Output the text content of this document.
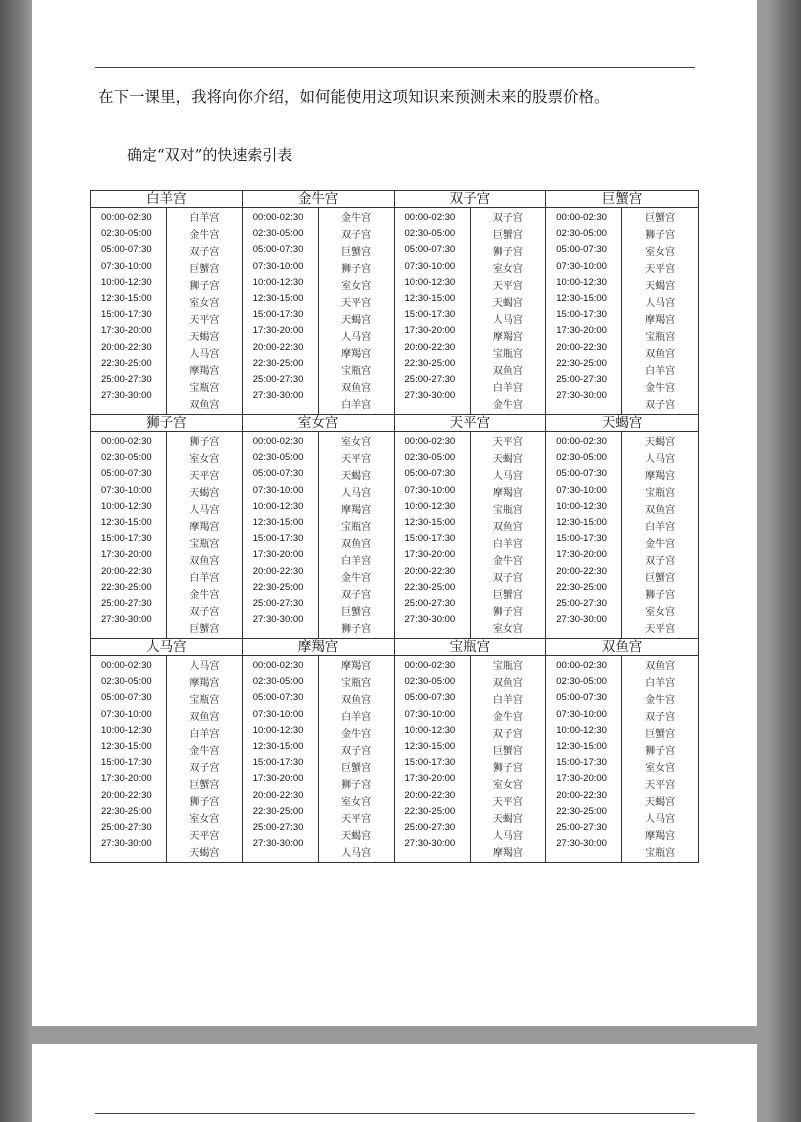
在下一课里，我将向你介绍，如何能使用这项知识来预测未来的股票价格。
确定“双对”的快速索引表
白羊宫
00:00-02:30
02:30-05:00
05:00-07:30
07:30-10:00
10:00-12:30
12:30-15:00
15:00-17:30
17:30-20:00
20:00-22:30
22:30-25:00
25:00-27:30
27:30-30:00
白羊宫
金牛宫
双子宫
巨蟹宫
狮子宫
室女宫
天平宫
天蝎宫
人马宫
摩羯宫
宝瓶宫
双鱼宫
金牛宫
00:00-02:30
02:30-05:00
05:00-07:30
07:30-10:00
10:00-12:30
12:30-15:00
15:00-17:30
17:30-20:00
20:00-22:30
22:30-25:00
25:00-27:30
27:30-30:00
金牛宫
双子宫
巨蟹宫
狮子宫
室女宫
天平宫
天蝎宫
人马宫
摩羯宫
宝瓶宫
双鱼宫
白羊宫
双子宫
00:00-02:30
02:30-05:00
05:00-07:30
07:30-10:00
10:00-12:30
12:30-15:00
15:00-17:30
17:30-20:00
20:00-22:30
22:30-25:00
25:00-27:30
27:30-30:00
双子宫
巨蟹宫
狮子宫
室女宫
天平宫
天蝎宫
人马宫
摩羯宫
宝瓶宫
双鱼宫
白羊宫
金牛宫
巨蟹宫
00:00-02:30
02:30-05:00
05:00-07:30
07:30-10:00
10:00-12:30
12:30-15:00
15:00-17:30
17:30-20:00
20:00-22:30
22:30-25:00
25:00-27:30
27:30-30:00
巨蟹宫
狮子宫
室女宫
天平宫
天蝎宫
人马宫
摩羯宫
宝瓶宫
双鱼宫
白羊宫
金牛宫
双子宫
狮子宫
00:00-02:30
02:30-05:00
05:00-07:30
07:30-10:00
10:00-12:30
12:30-15:00
15:00-17:30
17:30-20:00
20:00-22:30
22:30-25:00
25:00-27:30
27:30-30:00
狮子宫
室女宫
天平宫
天蝎宫
人马宫
摩羯宫
宝瓶宫
双鱼宫
白羊宫
金牛宫
双子宫
巨蟹宫
室女宫
00:00-02:30
02:30-05:00
05:00-07:30
07:30-10:00
10:00-12:30
12:30-15:00
15:00-17:30
17:30-20:00
20:00-22:30
22:30-25:00
25:00-27:30
27:30-30:00
室女宫
天平宫
天蝎宫
人马宫
摩羯宫
宝瓶宫
双鱼宫
白羊宫
金牛宫
双子宫
巨蟹宫
狮子宫
天平宫
00:00-02:30
02:30-05:00
05:00-07:30
07:30-10:00
10:00-12:30
12:30-15:00
15:00-17:30
17:30-20:00
20:00-22:30
22:30-25:00
25:00-27:30
27:30-30:00
天平宫
天蝎宫
人马宫
摩羯宫
宝瓶宫
双鱼宫
白羊宫
金牛宫
双子宫
巨蟹宫
狮子宫
室女宫
天蝎宫
00:00-02:30
02:30-05:00
05:00-07:30
07:30-10:00
10:00-12:30
12:30-15:00
15:00-17:30
17:30-20:00
20:00-22:30
22:30-25:00
25:00-27:30
27:30-30:00
天蝎宫
人马宫
摩羯宫
宝瓶宫
双鱼宫
白羊宫
金牛宫
双子宫
巨蟹宫
狮子宫
室女宫
天平宫
人马宫
00:00-02:30
02:30-05:00
05:00-07:30
07:30-10:00
10:00-12:30
12:30-15:00
15:00-17:30
17:30-20:00
20:00-22:30
22:30-25:00
25:00-27:30
27:30-30:00
人马宫
摩羯宫
宝瓶宫
双鱼宫
白羊宫
金牛宫
双子宫
巨蟹宫
狮子宫
室女宫
天平宫
天蝎宫
摩羯宫
00:00-02:30
02:30-05:00
05:00-07:30
07:30-10:00
10:00-12:30
12:30-15:00
15:00-17:30
17:30-20:00
20:00-22:30
22:30-25:00
25:00-27:30
27:30-30:00
摩羯宫
宝瓶宫
双鱼宫
白羊宫
金牛宫
双子宫
巨蟹宫
狮子宫
室女宫
天平宫
天蝎宫
人马宫
宝瓶宫
00:00-02:30
02:30-05:00
05:00-07:30
07:30-10:00
10:00-12:30
12:30-15:00
15:00-17:30
17:30-20:00
20:00-22:30
22:30-25:00
25:00-27:30
27:30-30:00
宝瓶宫
双鱼宫
白羊宫
金牛宫
双子宫
巨蟹宫
狮子宫
室女宫
天平宫
天蝎宫
人马宫
摩羯宫
双鱼宫
00:00-02:30
02:30-05:00
05:00-07:30
07:30-10:00
10:00-12:30
12:30-15:00
15:00-17:30
17:30-20:00
20:00-22:30
22:30-25:00
25:00-27:30
27:30-30:00
双鱼宫
白羊宫
金牛宫
双子宫
巨蟹宫
狮子宫
室女宫
天平宫
天蝎宫
人马宫
摩羯宫
宝瓶宫
